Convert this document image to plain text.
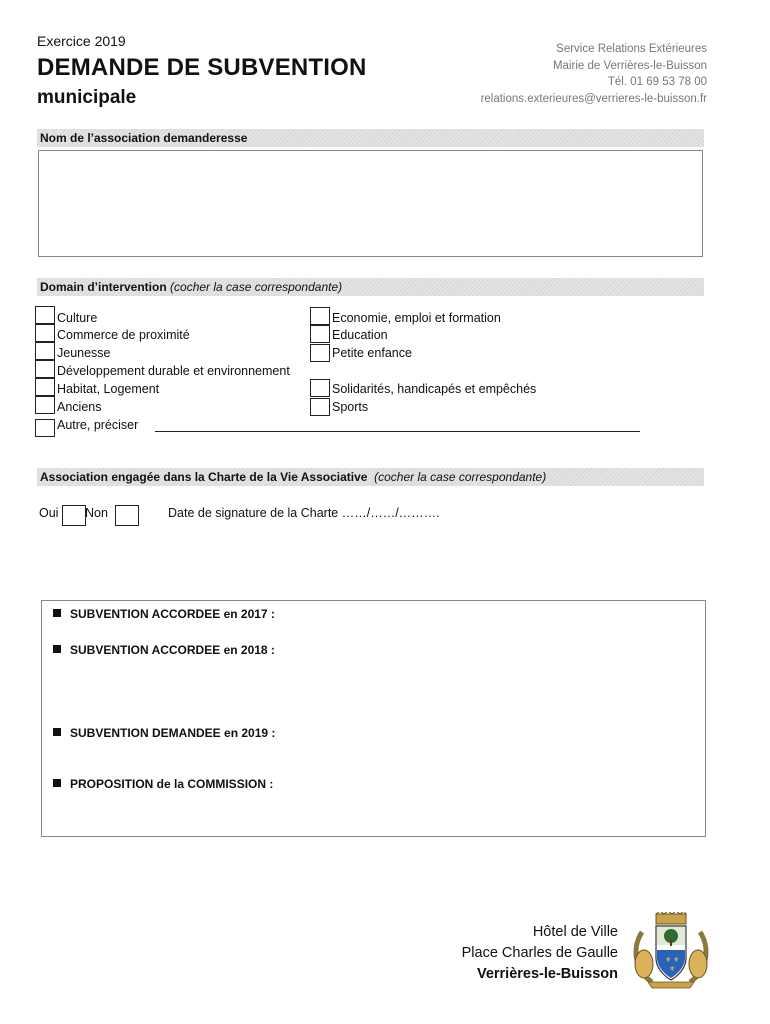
Exercice 2019
DEMANDE DE SUBVENTION
municipale
Service Relations Extérieures
Mairie de Verrières-le-Buisson
Tél. 01 69 53 78 00
relations.exterieures@verrieres-le-buisson.fr
Nom de l’association demanderesse
Domain d’intervention (cocher la case correspondante)
Culture
Commerce de proximité
Jeunesse
Développement durable et environnement
Habitat, Logement
Anciens
Autre, préciser
Economie, emploi et formation
Education
Petite enfance
Solidarités, handicapés et empêchés
Sports
Association engagée dans la Charte de la Vie Associative (cocher la case correspondante)
Oui Non	Date de signature de la Charte ……/……/……….
SUBVENTION ACCORDEE en 2017 :
SUBVENTION ACCORDEE en 2018 :
SUBVENTION DEMANDEE en 2019 :
PROPOSITION de la COMMISSION :
Hôtel de Ville
Place Charles de Gaulle
Verrières-le-Buisson
⚜ ⚜
⚜
